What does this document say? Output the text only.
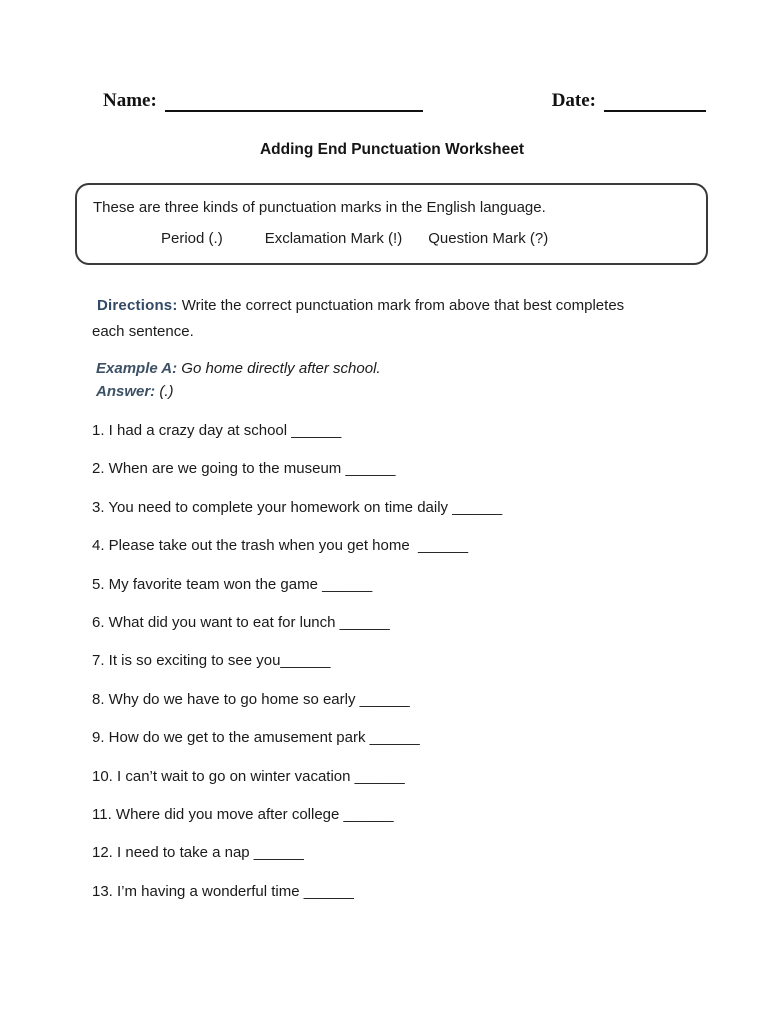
Name:	Date:
Adding End Punctuation Worksheet
These are three kinds of punctuation marks in the English language.
Period (.)	Exclamation Mark (!) Question Mark (?)
Directions: Write the correct punctuation mark from above that best completes each sentence.
Example A: Go home directly after school.
Answer: (.)
1. I had a crazy day at school ______
2. When are we going to the museum ______
3. You need to complete your homework on time daily ______
4. Please take out the trash when you get home  ______
5. My favorite team won the game ______
6. What did you want to eat for lunch ______
7. It is so exciting to see you______
8. Why do we have to go home so early ______
9. How do we get to the amusement park ______
10. I can’t wait to go on winter vacation ______
11. Where did you move after college ______
12. I need to take a nap ______
13. I’m having a wonderful time ______
